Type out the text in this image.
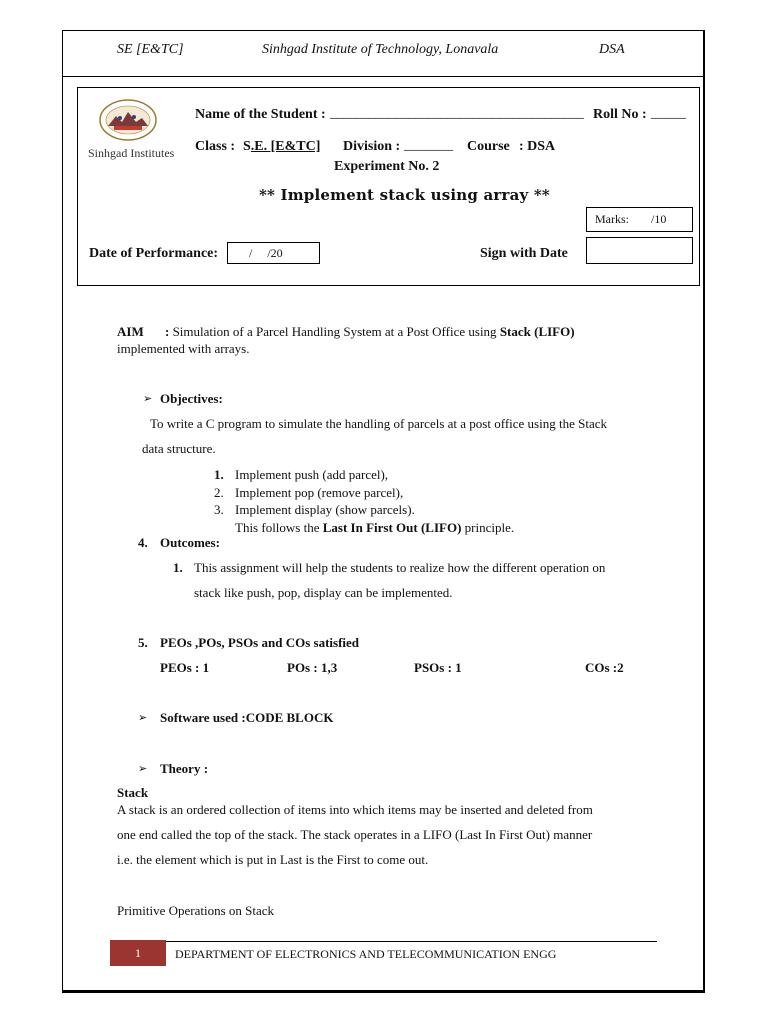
SE [E&TC]	Sinhgad Institute of Technology, Lonavala	DSA
Sinhgad Institutes
Name of the Student : _______________________________________ Roll No : _____
Class : S.E. [E&TC] Division : _______ Course : DSA
Experiment No. 2
** Implement stack using array **
Marks: /10
Date of Performance:	/ /20	Sign with Date
AIM : Simulation of a Parcel Handling System at a Post Office using Stack (LIFO)
implemented with arrays.
➢ Objectives:
To write a C program to simulate the handling of parcels at a post office using the Stack
data structure.
1. Implement push (add parcel),
2. Implement pop (remove parcel),
3. Implement display (show parcels).
This follows the Last In First Out (LIFO) principle.
4. Outcomes:
1. This assignment will help the students to realize how the different operation on
stack like push, pop, display can be implemented.
5. PEOs ,POs, PSOs and COs satisfied
PEOs : 1	POs : 1,3	PSOs : 1	COs :2
➢ Software used :CODE BLOCK
➢ Theory :
Stack
A stack is an ordered collection of items into which items may be inserted and deleted from
one end called the top of the stack. The stack operates in a LIFO (Last In First Out) manner
i.e. the element which is put in Last is the First to come out.
Primitive Operations on Stack
1	DEPARTMENT OF ELECTRONICS AND TELECOMMUNICATION ENGG
